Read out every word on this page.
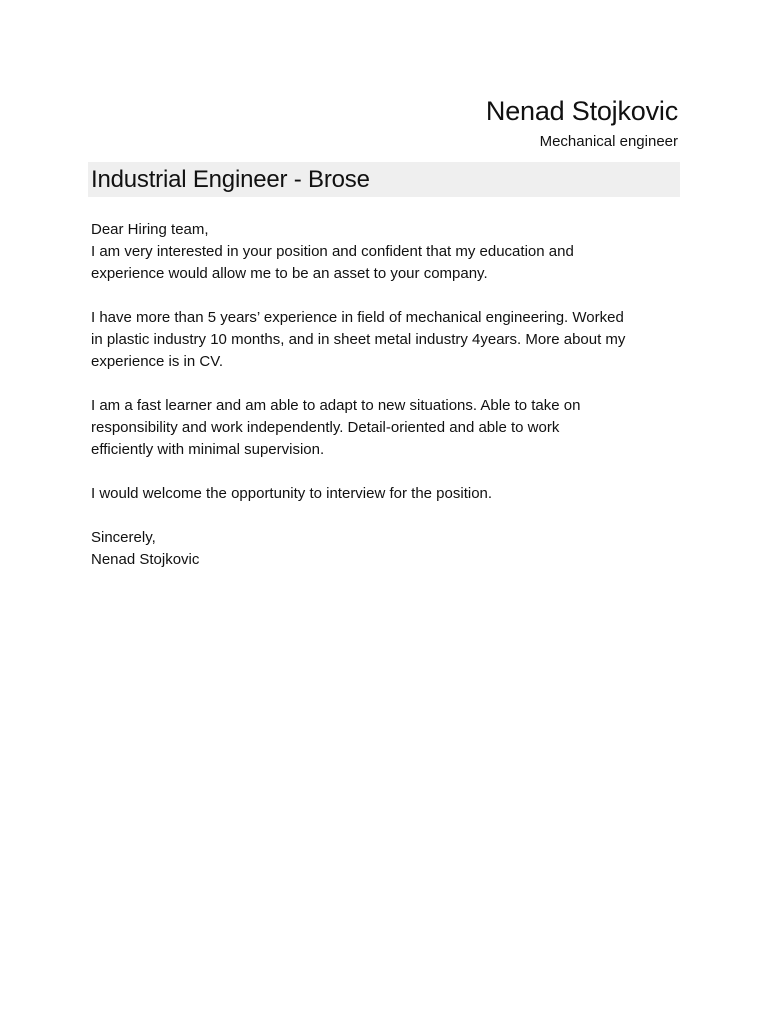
Nenad Stojkovic
Mechanical engineer
Industrial Engineer - Brose

Dear Hiring team,

I am very interested in your position and confident that my education and

experience would allow me to be an asset to your company.

I have more than 5 years’ experience in field of mechanical engineering. Worked

in plastic industry 10 months, and in sheet metal industry 4years. More about my

experience is in CV.

I am a fast learner and am able to adapt to new situations. Able to take on

responsibility and work independently. Detail-oriented and able to work

efficiently with minimal supervision.

I would welcome the opportunity to interview for the position.

Sincerely,

Nenad Stojkovic
